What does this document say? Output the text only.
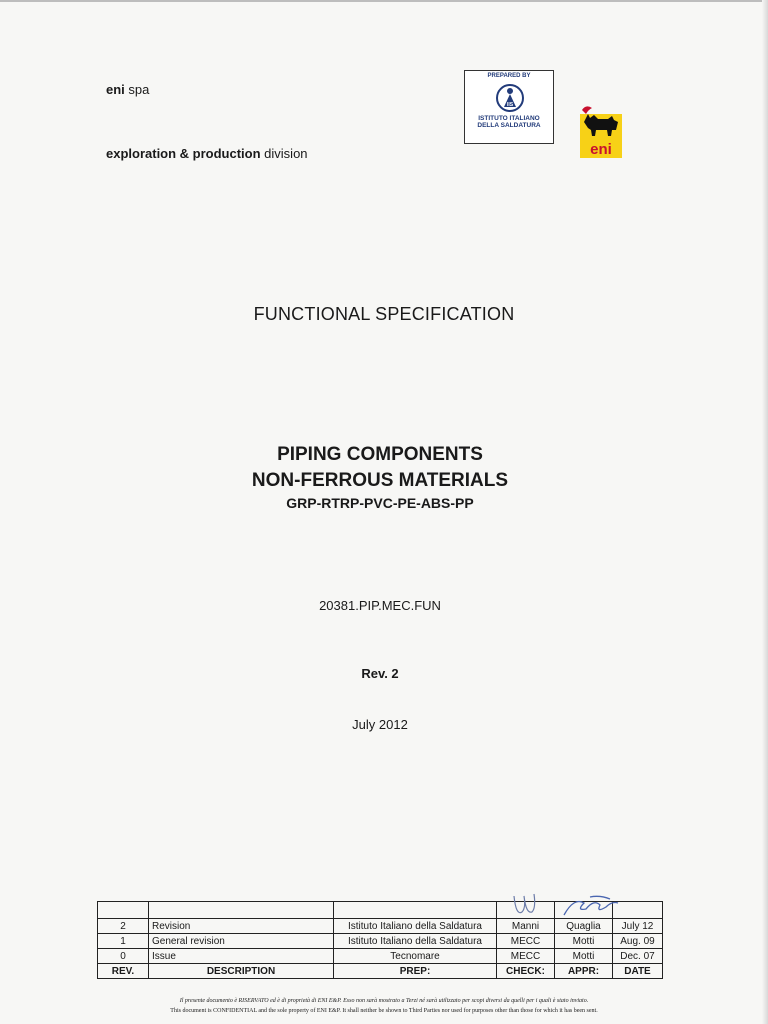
eni spa
exploration & production division
PREPARED BY
IIS
ISTITUTO ITALIANO
DELLA SALDATURA
eni
FUNCTIONAL SPECIFICATION
PIPING COMPONENTS
NON-FERROUS MATERIALS
GRP-RTRP-PVC-PE-ABS-PP
20381.PIP.MEC.FUN
Rev. 2
July 2012

2	Revision	Istituto Italiano della Saldatura	Manni	Quaglia	July 12
1	General revision	Istituto Italiano della Saldatura	MECC	Motti	Aug. 09
0	Issue	Tecnomare	MECC	Motti	Dec. 07
REV.	DESCRIPTION	PREP:	CHECK:	APPR:	DATE
Il presente documento è RISERVATO ed è di proprietà di ENI E&P. Esso non sarà mostrato a Terzi né sarà utilizzato per scopi diversi da quelli per i quali è stato inviato.
This document is CONFIDENTIAL and the sole property of ENI E&P. It shall neither be shown to Third Parties nor used for purposes other than those for which it has been sent.
